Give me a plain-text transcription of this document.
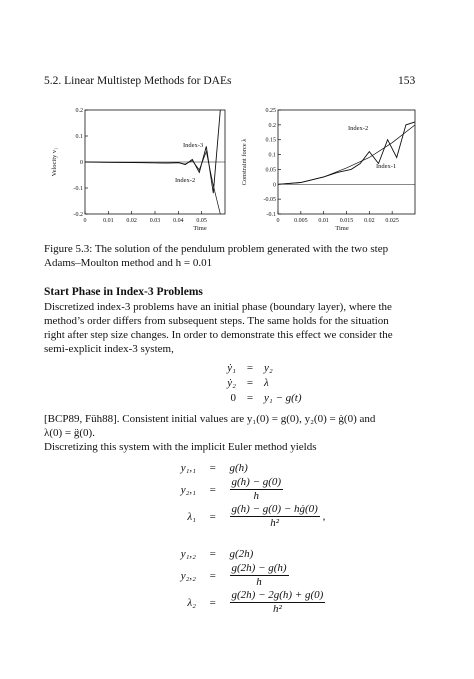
5.2. Linear Multistep Methods for DAEs	153
0	0.01 0.02 0.03 0.04 0.05
-0.2
-0.1
0
0.1
0.2
Time
Velocity v₁
Index-3
Index-2
0 0.005 0.01 0.015 0.02 0.025
-0.1
-0.05
0
0.05
0.1
0.15
0.2
0.25
Time
Constraint force λ
Index-2
Index-1
Figure 5.3: The solution of the pendulum problem generated with the two step
Adams–Moulton method and h = 0.01
Start Phase in Index-3 Problems
Discretized index-3 problems have an initial phase (boundary layer), where the
method’s order differs from subsequent steps. The same holds for the situation
right after step size changes. In order to demonstrate this effect we consider the
semi-explicit index-3 system,
ẏ₁ = y₂
ẏ₂ = λ
0 = y₁ − g(t)
[BCP89, Füh88]. Consistent initial values are y₁(0) = g(0), y₂(0) = ġ(0) and
λ(0) = g̈(0).
Discretizing this system with the implicit Euler method yields
y₁,₁ = g(h)
$y_2,_1 = \frac{g(h) - g(0)}{h}$
$\lambda_1 = \frac{g(h) - g(0) - hġ(0)}{\text{h²}}$ ,
y₁,₂ = g(2h)
$y_2,_2 = \frac{g(2h) - g(h)}{h}$
$\lambda_2 = \frac{g(2h) - 2g(h) + g(0)}{\text{h²}}$
